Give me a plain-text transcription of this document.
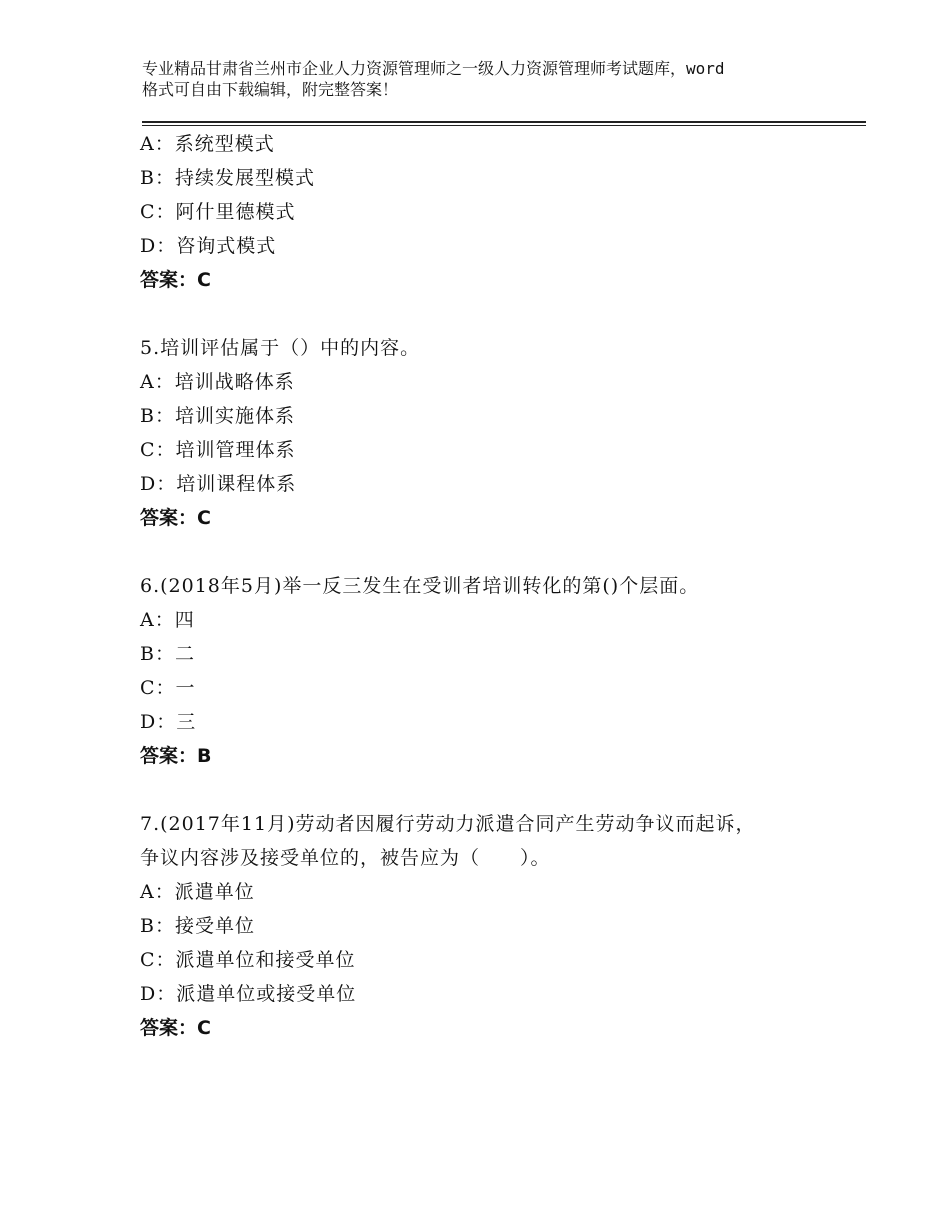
专业精品甘肃省兰州市企业人力资源管理师之一级人力资源管理师考试题库，word
格式可自由下载编辑，附完整答案！
A：系统型模式
B：持续发展型模式
C：阿什里德模式
D：咨询式模式
答案：C
5.培训评估属于（）中的内容。
A：培训战略体系
B：培训实施体系
C：培训管理体系
D：培训课程体系
答案：C
6.(2018年5月)举一反三发生在受训者培训转化的第()个层面。
A：四
B：二
C：一
D：三
答案：B
7.(2017年11月)劳动者因履行劳动力派遣合同产生劳动争议而起诉，
争议内容涉及接受单位的，被告应为（　　）。
A：派遣单位
B：接受单位
C：派遣单位和接受单位
D：派遣单位或接受单位
答案：C
